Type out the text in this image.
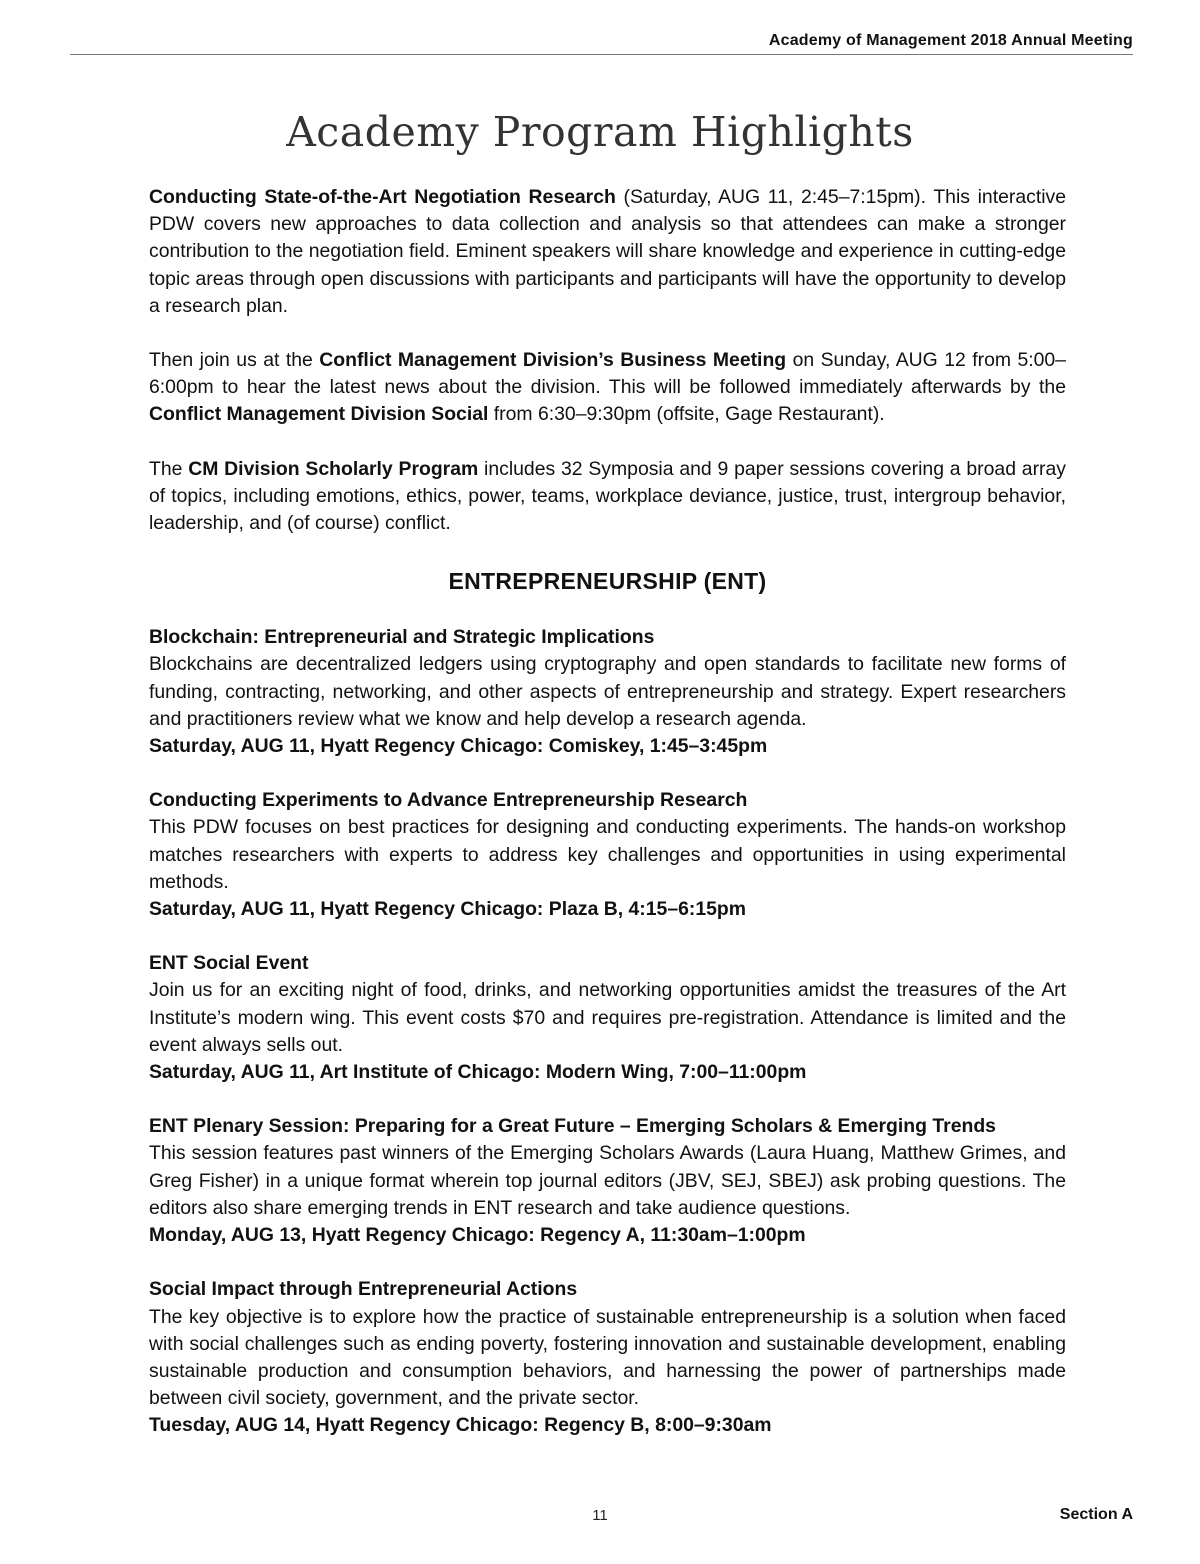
Academy of Management 2018 Annual Meeting
Academy Program Highlights

Conducting State-of-the-Art Negotiation Research (Saturday, AUG 11, 2:45–7:15pm). This interactive PDW covers new approaches to data collection and analysis so that attendees can make a stronger contribution to the negotiation field. Eminent speakers will share knowledge and experience in cutting-edge topic areas through open discussions with participants and participants will have the opportunity to develop a research plan.

Then join us at the Conflict Management Division’s Business Meeting on Sunday, AUG 12 from 5:00–6:00pm to hear the latest news about the division. This will be followed immediately afterwards by the Conflict Management Division Social from 6:30–9:30pm (offsite, Gage Restaurant).

The CM Division Scholarly Program includes 32 Symposia and 9 paper sessions covering a broad array of topics, including emotions, ethics, power, teams, workplace deviance, justice, trust, intergroup behavior, leadership, and (of course) conflict.

ENTREPRENEURSHIP (ENT)

Blockchain: Entrepreneurial and Strategic Implications

Blockchains are decentralized ledgers using cryptography and open standards to facilitate new forms of funding, contracting, networking, and other aspects of entrepreneurship and strategy. Expert researchers and practitioners review what we know and help develop a research agenda.

Saturday, AUG 11, Hyatt Regency Chicago: Comiskey, 1:45–3:45pm

Conducting Experiments to Advance Entrepreneurship Research

This PDW focuses on best practices for designing and conducting experiments. The hands-on workshop matches researchers with experts to address key challenges and opportunities in using experimental methods.

Saturday, AUG 11, Hyatt Regency Chicago: Plaza B, 4:15–6:15pm

ENT Social Event

Join us for an exciting night of food, drinks, and networking opportunities amidst the treasures of the Art Institute’s modern wing. This event costs $70 and requires pre-registration. Attendance is limited and the event always sells out.

Saturday, AUG 11, Art Institute of Chicago: Modern Wing, 7:00–11:00pm

ENT Plenary Session: Preparing for a Great Future – Emerging Scholars & Emerging Trends

This session features past winners of the Emerging Scholars Awards (Laura Huang, Matthew Grimes, and Greg Fisher) in a unique format wherein top journal editors (JBV, SEJ, SBEJ) ask probing questions. The editors also share emerging trends in ENT research and take audience questions.

Monday, AUG 13, Hyatt Regency Chicago: Regency A, 11:30am–1:00pm

Social Impact through Entrepreneurial Actions

The key objective is to explore how the practice of sustainable entrepreneurship is a solution when faced with social challenges such as ending poverty, fostering innovation and sustainable development, enabling sustainable production and consumption behaviors, and harnessing the power of partnerships made between civil society, government, and the private sector.

Tuesday, AUG 14, Hyatt Regency Chicago: Regency B, 8:00–9:30am

11	Section A
